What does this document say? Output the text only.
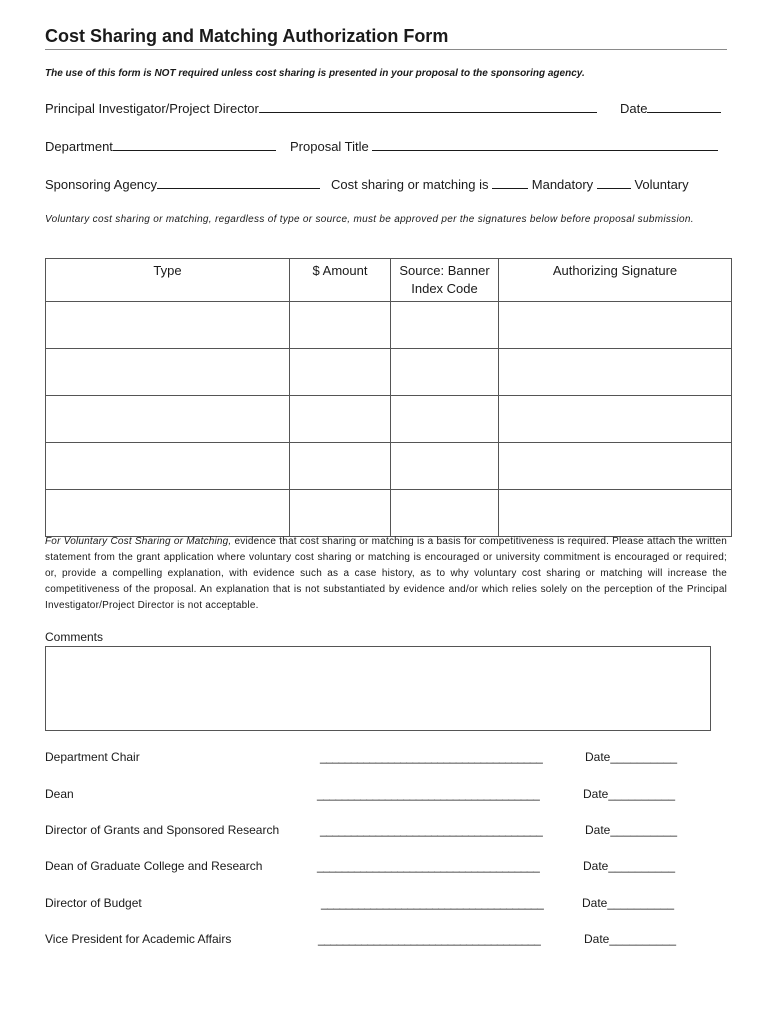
Cost Sharing and Matching Authorization Form
The use of this form is NOT required unless cost sharing is presented in your proposal to the sponsoring agency.
Principal Investigator/Project Director	Date
Department	Proposal Title
Sponsoring Agency	Cost sharing or matching is	Mandatory	Voluntary
Voluntary cost sharing or matching, regardless of type or source, must be approved per the signatures below before proposal submission.
Type	$ Amount	Source: Banner Index Code	Authorizing Signature

For Voluntary Cost Sharing or Matching, evidence that cost sharing or matching is a basis for competitiveness is required. Please attach the written statement from the grant application where voluntary cost sharing or matching is encouraged or university commitment is encouraged or required; or, provide a compelling explanation, with evidence such as a case history, as to why voluntary cost sharing or matching will increase the competitiveness of the proposal. An explanation that is not substantiated by evidence and/or which relies solely on the perception of the Principal Investigator/Project Director is not acceptable.
Comments
Department Chair	____________________________________	Date__________
Dean	____________________________________	Date__________
Director of Grants and Sponsored Research	____________________________________	Date__________
Dean of Graduate College and Research	____________________________________	Date__________
Director of Budget	____________________________________	Date__________
Vice President for Academic Affairs	____________________________________	Date__________
